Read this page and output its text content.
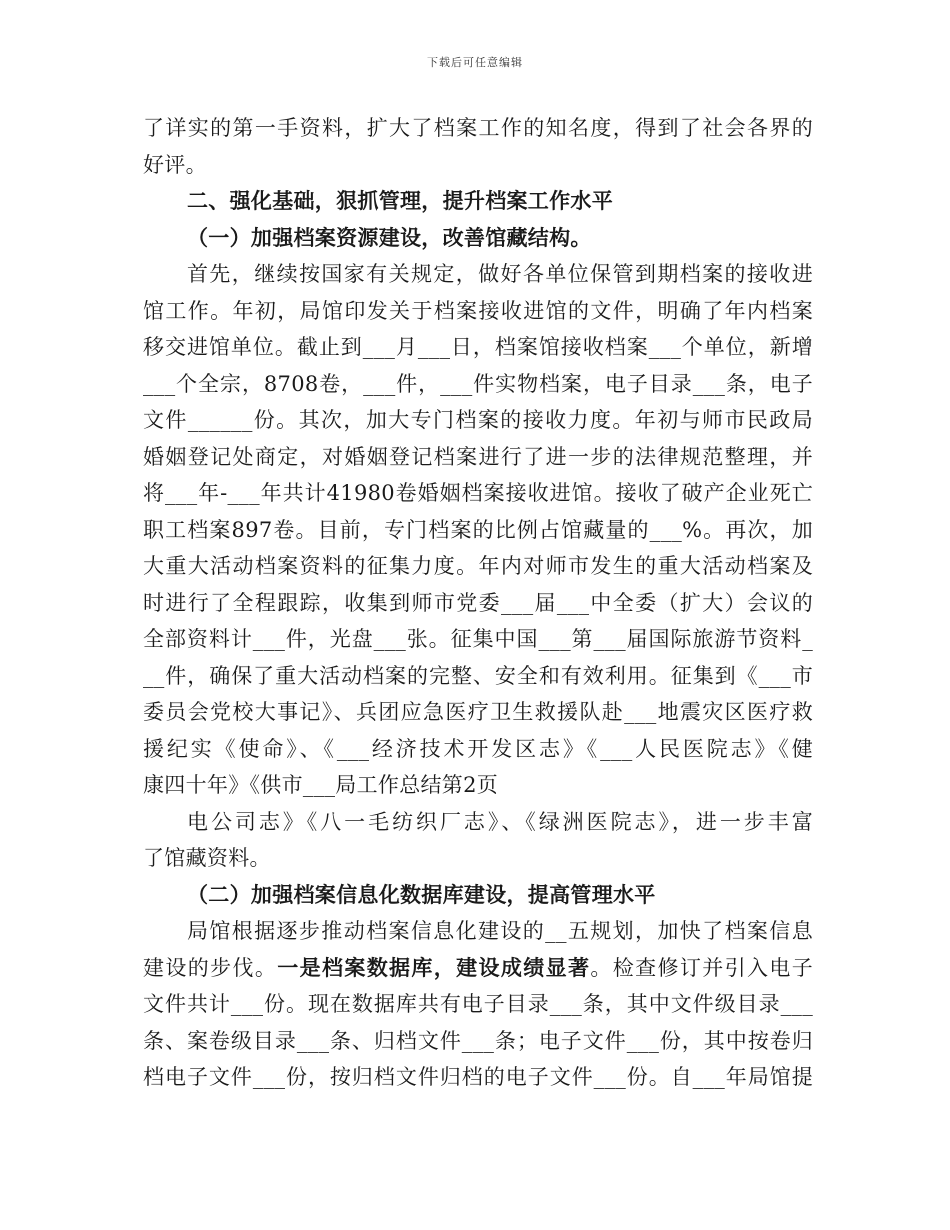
下载后可任意编辑
了详实的第一手资料，扩大了档案工作的知名度，得到了社会各界的
好评。
二、强化基础，狠抓管理，提升档案工作水平
（一）加强档案资源建设，改善馆藏结构。
首先，继续按国家有关规定，做好各单位保管到期档案的接收进
馆工作。年初，局馆印发关于档案接收进馆的文件，明确了年内档案
移交进馆单位。截止到___月___日，档案馆接收档案___个单位，新增
___个全宗，8708卷，___件，___件实物档案，电子目录___条，电子
文件______份。其次，加大专门档案的接收力度。年初与师市民政局
婚姻登记处商定，对婚姻登记档案进行了进一步的法律规范整理，并
将___年-___年共计41980卷婚姻档案接收进馆。接收了破产企业死亡
职工档案897卷。目前，专门档案的比例占馆藏量的___%。再次，加
大重大活动档案资料的征集力度。年内对师市发生的重大活动档案及
时进行了全程跟踪，收集到师市党委___届___中全委（扩大）会议的
全部资料计___件，光盘___张。征集中国___第___届国际旅游节资料_
__件，确保了重大活动档案的完整、安全和有效利用。征集到《___市
委员会党校大事记》、兵团应急医疗卫生救援队赴___地震灾区医疗救
援纪实《使命》、《___经济技术开发区志》《___人民医院志》《健
康四十年》《供市___局工作总结第2页
电公司志》《八一毛纺织厂志》、《绿洲医院志》，进一步丰富
了馆藏资料。
（二）加强档案信息化数据库建设，提高管理水平
局馆根据逐步推动档案信息化建设的__五规划，加快了档案信息
建设的步伐。一是档案数据库，建设成绩显著。检查修订并引入电子
文件共计___份。现在数据库共有电子目录___条，其中文件级目录___
条、案卷级目录___条、归档文件___条；电子文件___份，其中按卷归
档电子文件___份，按归档文件归档的电子文件___份。自___年局馆提
